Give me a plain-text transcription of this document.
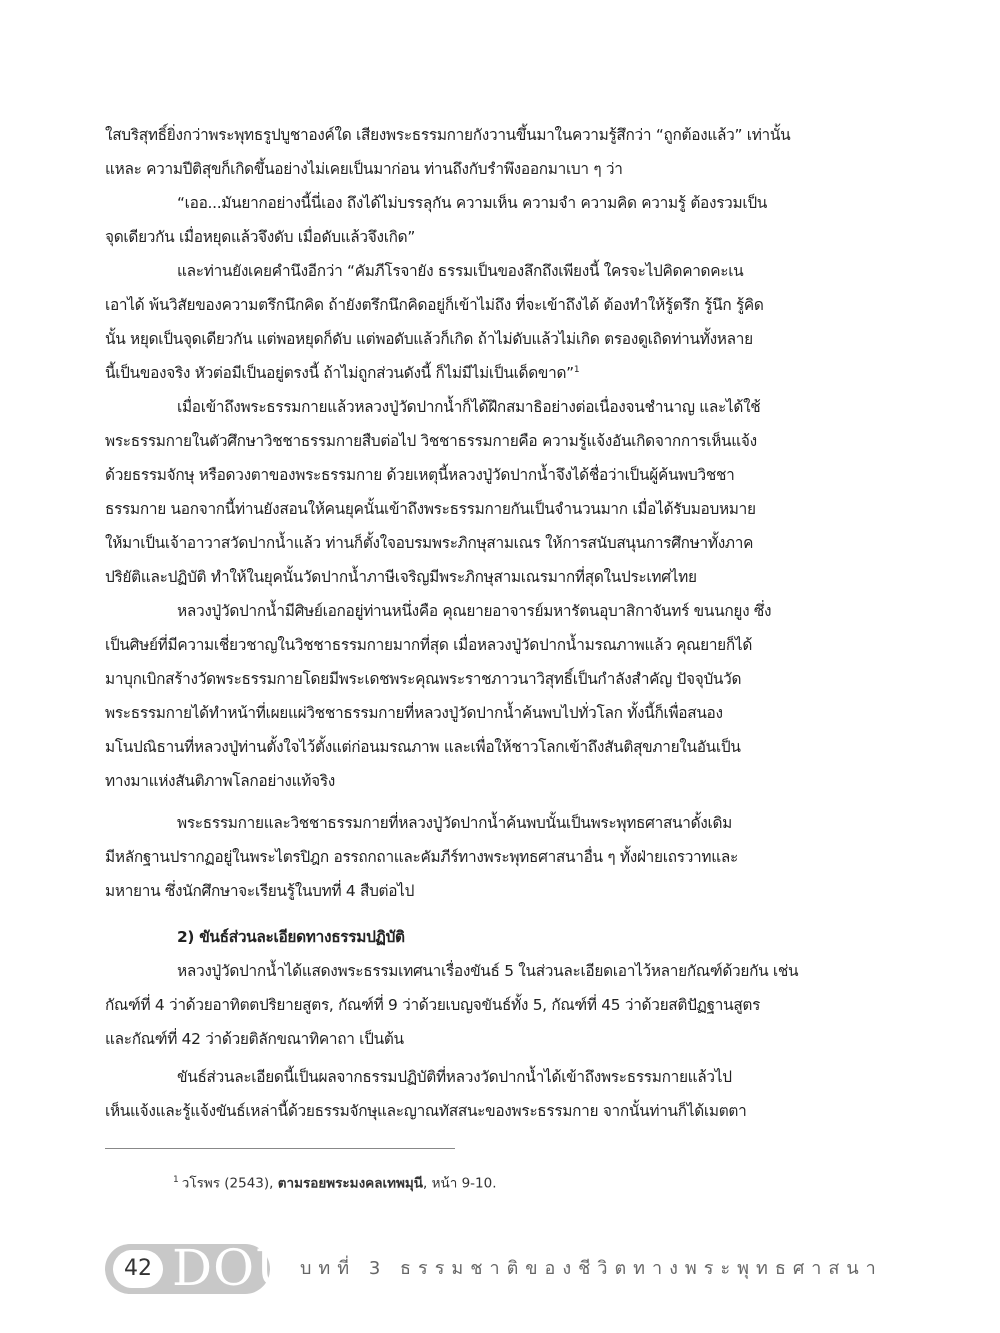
ใสบริสุทธิ์ยิ่งกว่าพระพุทธรูปบูชาองค์ใด เสียงพระธรรมกายกังวานขึ้นมาในความรู้สึกว่า “ถูกต้องแล้ว” เท่านั้น
แหละ ความปีติสุขก็เกิดขึ้นอย่างไม่เคยเป็นมาก่อน ท่านถึงกับรำพึงออกมาเบา ๆ ว่า
“เออ...มันยากอย่างนี้นี่เอง ถึงได้ไม่บรรลุกัน ความเห็น ความจำ ความคิด ความรู้ ต้องรวมเป็น
จุดเดียวกัน เมื่อหยุดแล้วจึงดับ เมื่อดับแล้วจึงเกิด”
และท่านยังเคยคำนึงอีกว่า “คัมภีโรจายัง ธรรมเป็นของลึกถึงเพียงนี้ ใครจะไปคิดคาดคะเน
เอาได้ พ้นวิสัยของความตรึกนึกคิด ถ้ายังตรึกนึกคิดอยู่ก็เข้าไม่ถึง ที่จะเข้าถึงได้ ต้องทำให้รู้ตรึก รู้นึก รู้คิด
นั้น หยุดเป็นจุดเดียวกัน แต่พอหยุดก็ดับ แต่พอดับแล้วก็เกิด ถ้าไม่ดับแล้วไม่เกิด ตรองดูเถิดท่านทั้งหลาย
นี้เป็นของจริง หัวต่อมีเป็นอยู่ตรงนี้ ถ้าไม่ถูกส่วนดังนี้ ก็ไม่มีไม่เป็นเด็ดขาด”$^1$
เมื่อเข้าถึงพระธรรมกายแล้วหลวงปู่วัดปากน้ำก็ได้ฝึกสมาธิอย่างต่อเนื่องจนชำนาญ และได้ใช้
พระธรรมกายในตัวศึกษาวิชชาธรรมกายสืบต่อไป วิชชาธรรมกายคือ ความรู้แจ้งอันเกิดจากการเห็นแจ้ง
ด้วยธรรมจักษุ หรือดวงตาของพระธรรมกาย ด้วยเหตุนี้หลวงปู่วัดปากน้ำจึงได้ชื่อว่าเป็นผู้ค้นพบวิชชา
ธรรมกาย นอกจากนี้ท่านยังสอนให้คนยุคนั้นเข้าถึงพระธรรมกายกันเป็นจำนวนมาก เมื่อได้รับมอบหมาย
ให้มาเป็นเจ้าอาวาสวัดปากน้ำแล้ว ท่านก็ตั้งใจอบรมพระภิกษุสามเณร ให้การสนับสนุนการศึกษาทั้งภาค
ปริยัติและปฏิบัติ ทำให้ในยุคนั้นวัดปากน้ำภาษีเจริญมีพระภิกษุสามเณรมากที่สุดในประเทศไทย
หลวงปู่วัดปากน้ำมีศิษย์เอกอยู่ท่านหนึ่งคือ คุณยายอาจารย์มหารัตนอุบาสิกาจันทร์ ขนนกยูง ซึ่ง
เป็นศิษย์ที่มีความเชี่ยวชาญในวิชชาธรรมกายมากที่สุด เมื่อหลวงปู่วัดปากน้ำมรณภาพแล้ว คุณยายก็ได้
มาบุกเบิกสร้างวัดพระธรรมกายโดยมีพระเดชพระคุณพระราชภาวนาวิสุทธิ์เป็นกำลังสำคัญ ปัจจุบันวัด
พระธรรมกายได้ทำหน้าที่เผยแผ่วิชชาธรรมกายที่หลวงปู่วัดปากน้ำค้นพบไปทั่วโลก ทั้งนี้ก็เพื่อสนอง
มโนปณิธานที่หลวงปู่ท่านตั้งใจไว้ตั้งแต่ก่อนมรณภาพ และเพื่อให้ชาวโลกเข้าถึงสันติสุขภายในอันเป็น
ทางมาแห่งสันติภาพโลกอย่างแท้จริง
พระธรรมกายและวิชชาธรรมกายที่หลวงปู่วัดปากน้ำค้นพบนั้นเป็นพระพุทธศาสนาดั้งเดิม
มีหลักฐานปรากฏอยู่ในพระไตรปิฎก อรรถกถาและคัมภีร์ทางพระพุทธศาสนาอื่น ๆ ทั้งฝ่ายเถรวาทและ
มหายาน ซึ่งนักศึกษาจะเรียนรู้ในบทที่ 4 สืบต่อไป
2) ขันธ์ส่วนละเอียดทางธรรมปฏิบัติ
หลวงปู่วัดปากน้ำได้แสดงพระธรรมเทศนาเรื่องขันธ์ 5 ในส่วนละเอียดเอาไว้หลายกัณฑ์ด้วยกัน เช่น
กัณฑ์ที่ 4 ว่าด้วยอาทิตตปริยายสูตร, กัณฑ์ที่ 9 ว่าด้วยเบญจขันธ์ทั้ง 5, กัณฑ์ที่ 45 ว่าด้วยสติปัฏฐานสูตร
และกัณฑ์ที่ 42 ว่าด้วยติลักขณาทิคาถา เป็นต้น
ขันธ์ส่วนละเอียดนี้เป็นผลจากธรรมปฏิบัติที่หลวงวัดปากน้ำได้เข้าถึงพระธรรมกายแล้วไป
เห็นแจ้งและรู้แจ้งขันธ์เหล่านี้ด้วยธรรมจักษุและญาณทัสสนะของพระธรรมกาย จากนั้นท่านก็ได้เมตตา
$^1$ วโรพร (2543), ตามรอยพระมงคลเทพมุนี, หน้า 9-10.
42 DOU บทที่ 3 ธรรมชาติของชีวิตทางพระพุทธศาสนา
